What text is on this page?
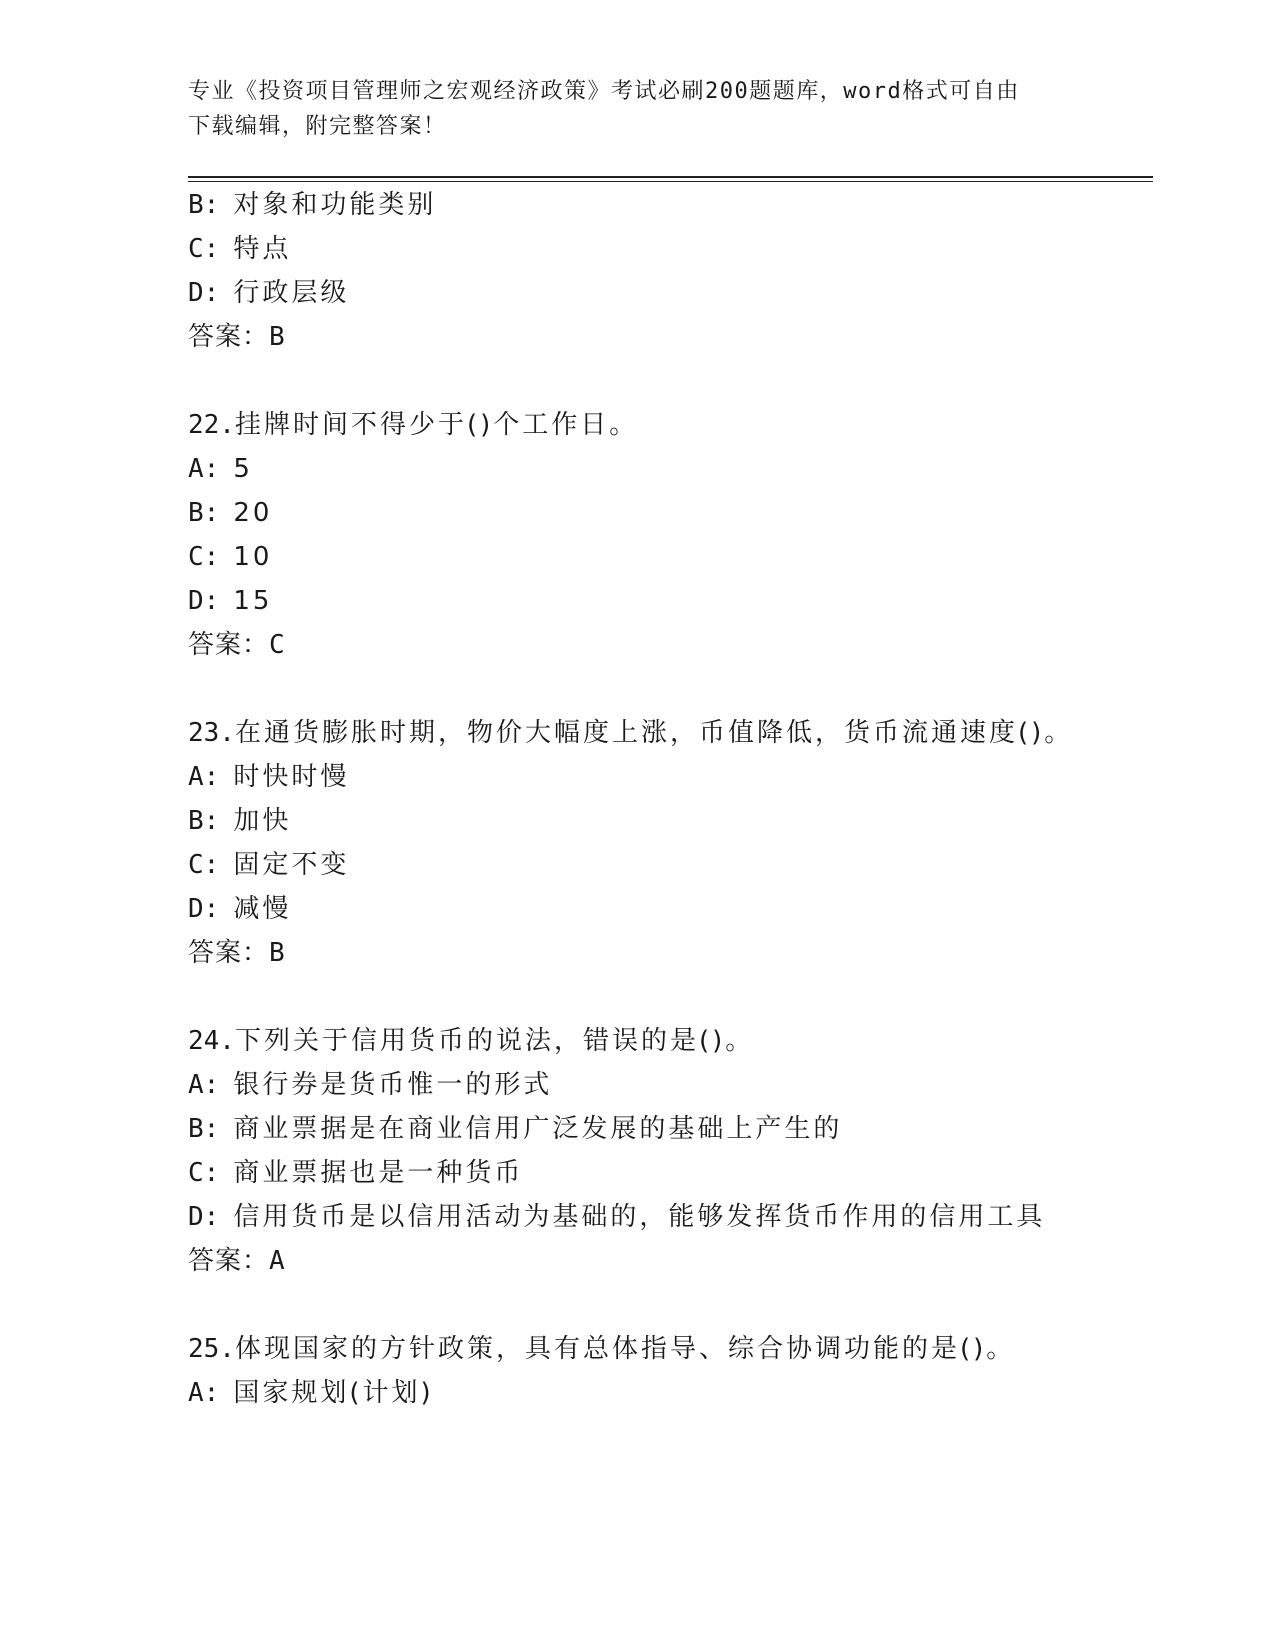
专业《投资项目管理师之宏观经济政策》考试必刷200题题库，word格式可自由
下载编辑，附完整答案！
B: 对象和功能类别
C: 特点
D: 行政层级
答案：B
22.挂牌时间不得少于()个工作日。
A: 5
B: 20
C: 10
D: 15
答案：C
23.在通货膨胀时期，物价大幅度上涨，币值降低，货币流通速度()。
A: 时快时慢
B: 加快
C: 固定不变
D: 减慢
答案：B
24.下列关于信用货币的说法，错误的是()。
A: 银行券是货币惟一的形式
B: 商业票据是在商业信用广泛发展的基础上产生的
C: 商业票据也是一种货币
D: 信用货币是以信用活动为基础的，能够发挥货币作用的信用工具
答案：A
25.体现国家的方针政策，具有总体指导、综合协调功能的是()。
A: 国家规划(计划)
